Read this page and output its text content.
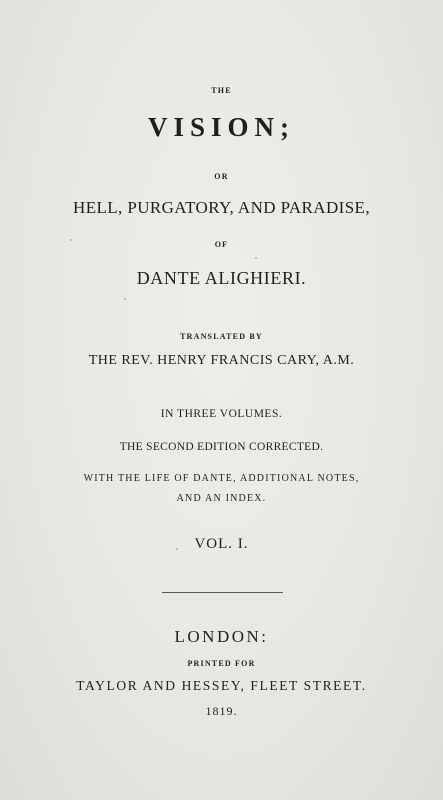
THE
VISION;
OR
HELL, PURGATORY, AND PARADISE,
OF
DANTE ALIGHIERI.
TRANSLATED BY
THE REV. HENRY FRANCIS CARY, A.M.
IN THREE VOLUMES.
THE SECOND EDITION CORRECTED.
WITH THE LIFE OF DANTE, ADDITIONAL NOTES,
AND AN INDEX.
VOL. I.
LONDON:
PRINTED FOR
TAYLOR AND HESSEY, FLEET STREET.
1819.
